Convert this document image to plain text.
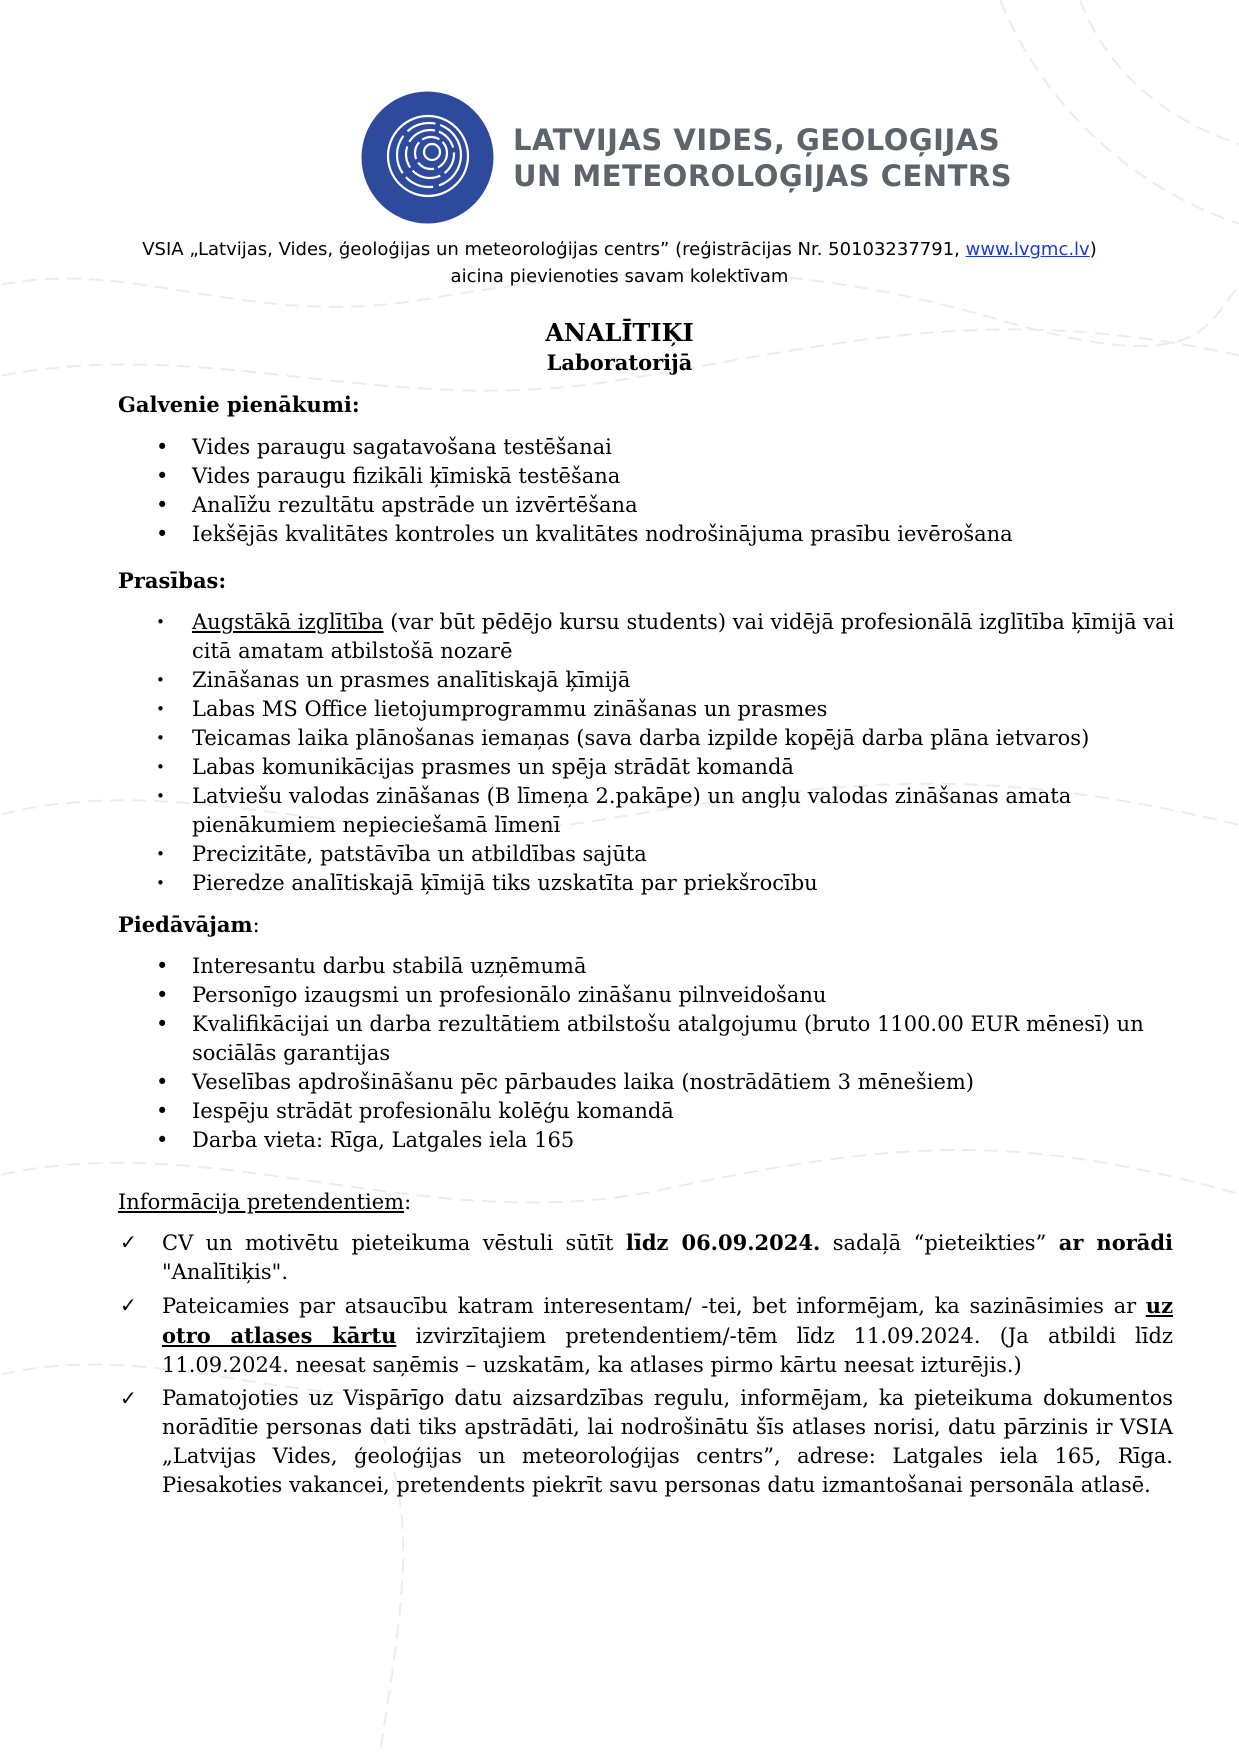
LATVIJAS VIDES, ĢEOLOĢIJAS
UN METEOROLOĢIJAS CENTRS
VSIA „Latvijas, Vides, ģeoloģijas un meteoroloģijas centrs” (reģistrācijas Nr. 50103237791, www.lvgmc.lv)
aicina pievienoties savam kolektīvam
ANALĪTIĶI
Laboratorijā
Galvenie pienākumi:
• Vides paraugu sagatavošana testēšanai
• Vides paraugu fizikāli ķīmiskā testēšana
• Analīžu rezultātu apstrāde un izvērtēšana
• Iekšējās kvalitātes kontroles un kvalitātes nodrošinājuma prasību ievērošana
Prasības:
• Augstākā izglītība (var būt pēdējo kursu students) vai vidējā profesionālā izglītība ķīmijā vai citā amatam atbilstošā nozarē
• Zināšanas un prasmes analītiskajā ķīmijā
• Labas MS Office lietojumprogrammu zināšanas un prasmes
• Teicamas laika plānošanas iemaņas (sava darba izpilde kopējā darba plāna ietvaros)
• Labas komunikācijas prasmes un spēja strādāt komandā
• Latviešu valodas zināšanas (B līmeņa 2.pakāpe) un angļu valodas zināšanas amata pienākumiem nepieciešamā līmenī
• Precizitāte, patstāvība un atbildības sajūta
• Pieredze analītiskajā ķīmijā tiks uzskatīta par priekšrocību
Piedāvājam:
• Interesantu darbu stabilā uzņēmumā
• Personīgo izaugsmi un profesionālo zināšanu pilnveidošanu
• Kvalifikācijai un darba rezultātiem atbilstošu atalgojumu (bruto 1100.00 EUR mēnesī) un sociālās garantijas
• Veselības apdrošināšanu pēc pārbaudes laika (nostrādātiem 3 mēnešiem)
• Iespēju strādāt profesionālu kolēģu komandā
• Darba vieta: Rīga, Latgales iela 165
Informācija pretendentiem:
✓ CV un motivētu pieteikuma vēstuli sūtīt līdz 06.09.2024. sadaļā “pieteikties” ar norādi "Analītiķis".
✓ Pateicamies par atsaucību katram interesentam/ -tei, bet informējam, ka sazināsimies ar uz otro atlases kārtu izvirzītajiem pretendentiem/-tēm līdz 11.09.2024. (Ja atbildi līdz 11.09.2024. neesat saņēmis – uzskatām, ka atlases pirmo kārtu neesat izturējis.)
✓ Pamatojoties uz Vispārīgo datu aizsardzības regulu, informējam, ka pieteikuma dokumentos norādītie personas dati tiks apstrādāti, lai nodrošinātu šīs atlases norisi, datu pārzinis ir VSIA „Latvijas Vides, ģeoloģijas un meteoroloģijas centrs”, adrese: Latgales iela 165, Rīga. Piesakoties vakancei, pretendents piekrīt savu personas datu izmantošanai personāla atlasē.
